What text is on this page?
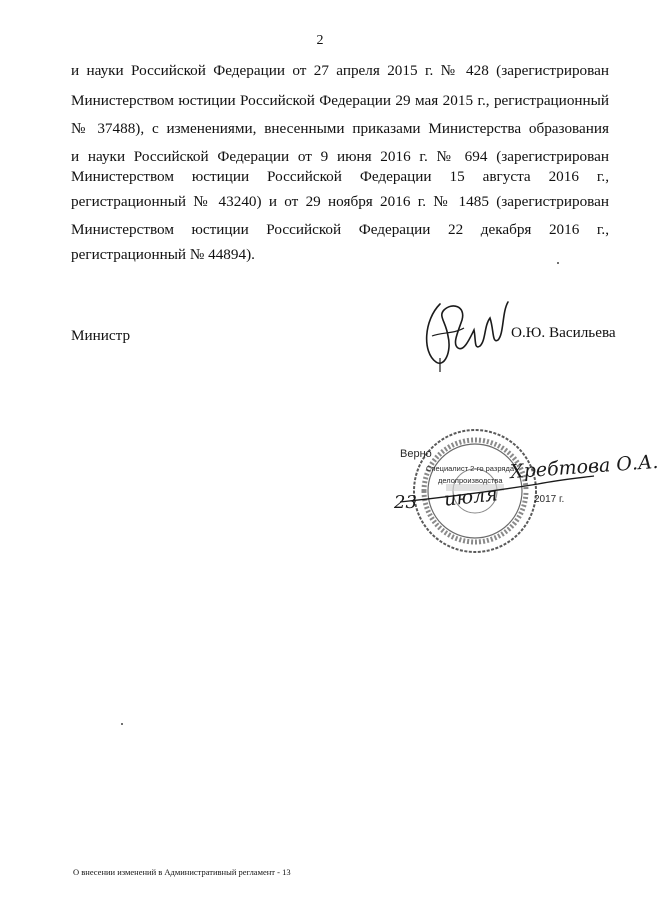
2
и науки Российской Федерации от 27 апреля 2015 г. № 428 (зарегистрирован
Министерством юстиции Российской Федерации 29 мая 2015 г., регистрационный
№ 37488), с изменениями, внесенными приказами Министерства образования
и науки Российской Федерации от 9 июня 2016 г. № 694 (зарегистрирован
Министерством юстиции Российской Федерации 15 августа 2016 г.,
регистрационный № 43240) и от 29 ноября 2016 г. № 1485 (зарегистрирован
Министерством юстиции Российской Федерации 22 декабря 2016 г.,
регистрационный № 44894).
Министр	О.Ю. Васильева
Верно
Специалист 2-го разряда
делопроизводства Хребтова О.А.
23 июля	2017 г.
О внесении изменений в Административный регламент - 13
